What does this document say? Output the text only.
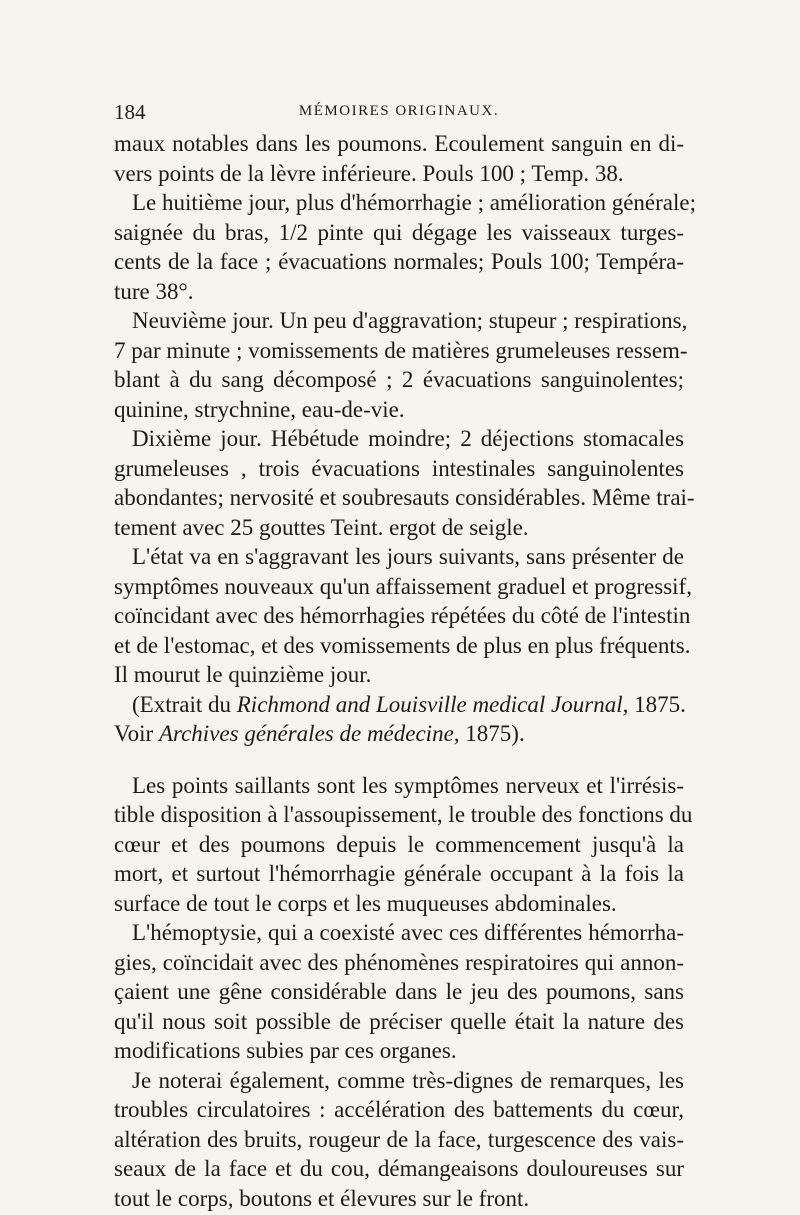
184	MÉMOIRES ORIGINAUX.
maux notables dans les poumons. Ecoulement sanguin en di-
vers points de la lèvre inférieure. Pouls 100 ; Temp. 38.
Le huitième jour, plus d'hémorrhagie ; amélioration générale;
saignée du bras, 1/2 pinte qui dégage les vaisseaux turges-
cents de la face ; évacuations normales; Pouls 100; Tempéra-
ture 38°.
Neuvième jour. Un peu d'aggravation; stupeur ; respirations,
7 par minute ; vomissements de matières grumeleuses ressem-
blant à du sang décomposé ; 2 évacuations sanguinolentes;
quinine, strychnine, eau-de-vie.
Dixième jour. Hébétude moindre; 2 déjections stomacales
grumeleuses , trois évacuations intestinales sanguinolentes
abondantes; nervosité et soubresauts considérables. Même trai-
tement avec 25 gouttes Teint. ergot de seigle.
L'état va en s'aggravant les jours suivants, sans présenter de
symptômes nouveaux qu'un affaissement graduel et progressif,
coïncidant avec des hémorrhagies répétées du côté de l'intestin
et de l'estomac, et des vomissements de plus en plus fréquents.
Il mourut le quinzième jour.
(Extrait du Richmond and Louisville medical Journal, 1875.
Voir Archives générales de médecine, 1875).
Les points saillants sont les symptômes nerveux et l'irrésis-
tible disposition à l'assoupissement, le trouble des fonctions du
cœur et des poumons depuis le commencement jusqu'à la
mort, et surtout l'hémorrhagie générale occupant à la fois la
surface de tout le corps et les muqueuses abdominales.
L'hémoptysie, qui a coexisté avec ces différentes hémorrha-
gies, coïncidait avec des phénomènes respiratoires qui annon-
çaient une gêne considérable dans le jeu des poumons, sans
qu'il nous soit possible de préciser quelle était la nature des
modifications subies par ces organes.
Je noterai également, comme très-dignes de remarques, les
troubles circulatoires : accélération des battements du cœur,
altération des bruits, rougeur de la face, turgescence des vais-
seaux de la face et du cou, démangeaisons douloureuses sur
tout le corps, boutons et élevures sur le front.
